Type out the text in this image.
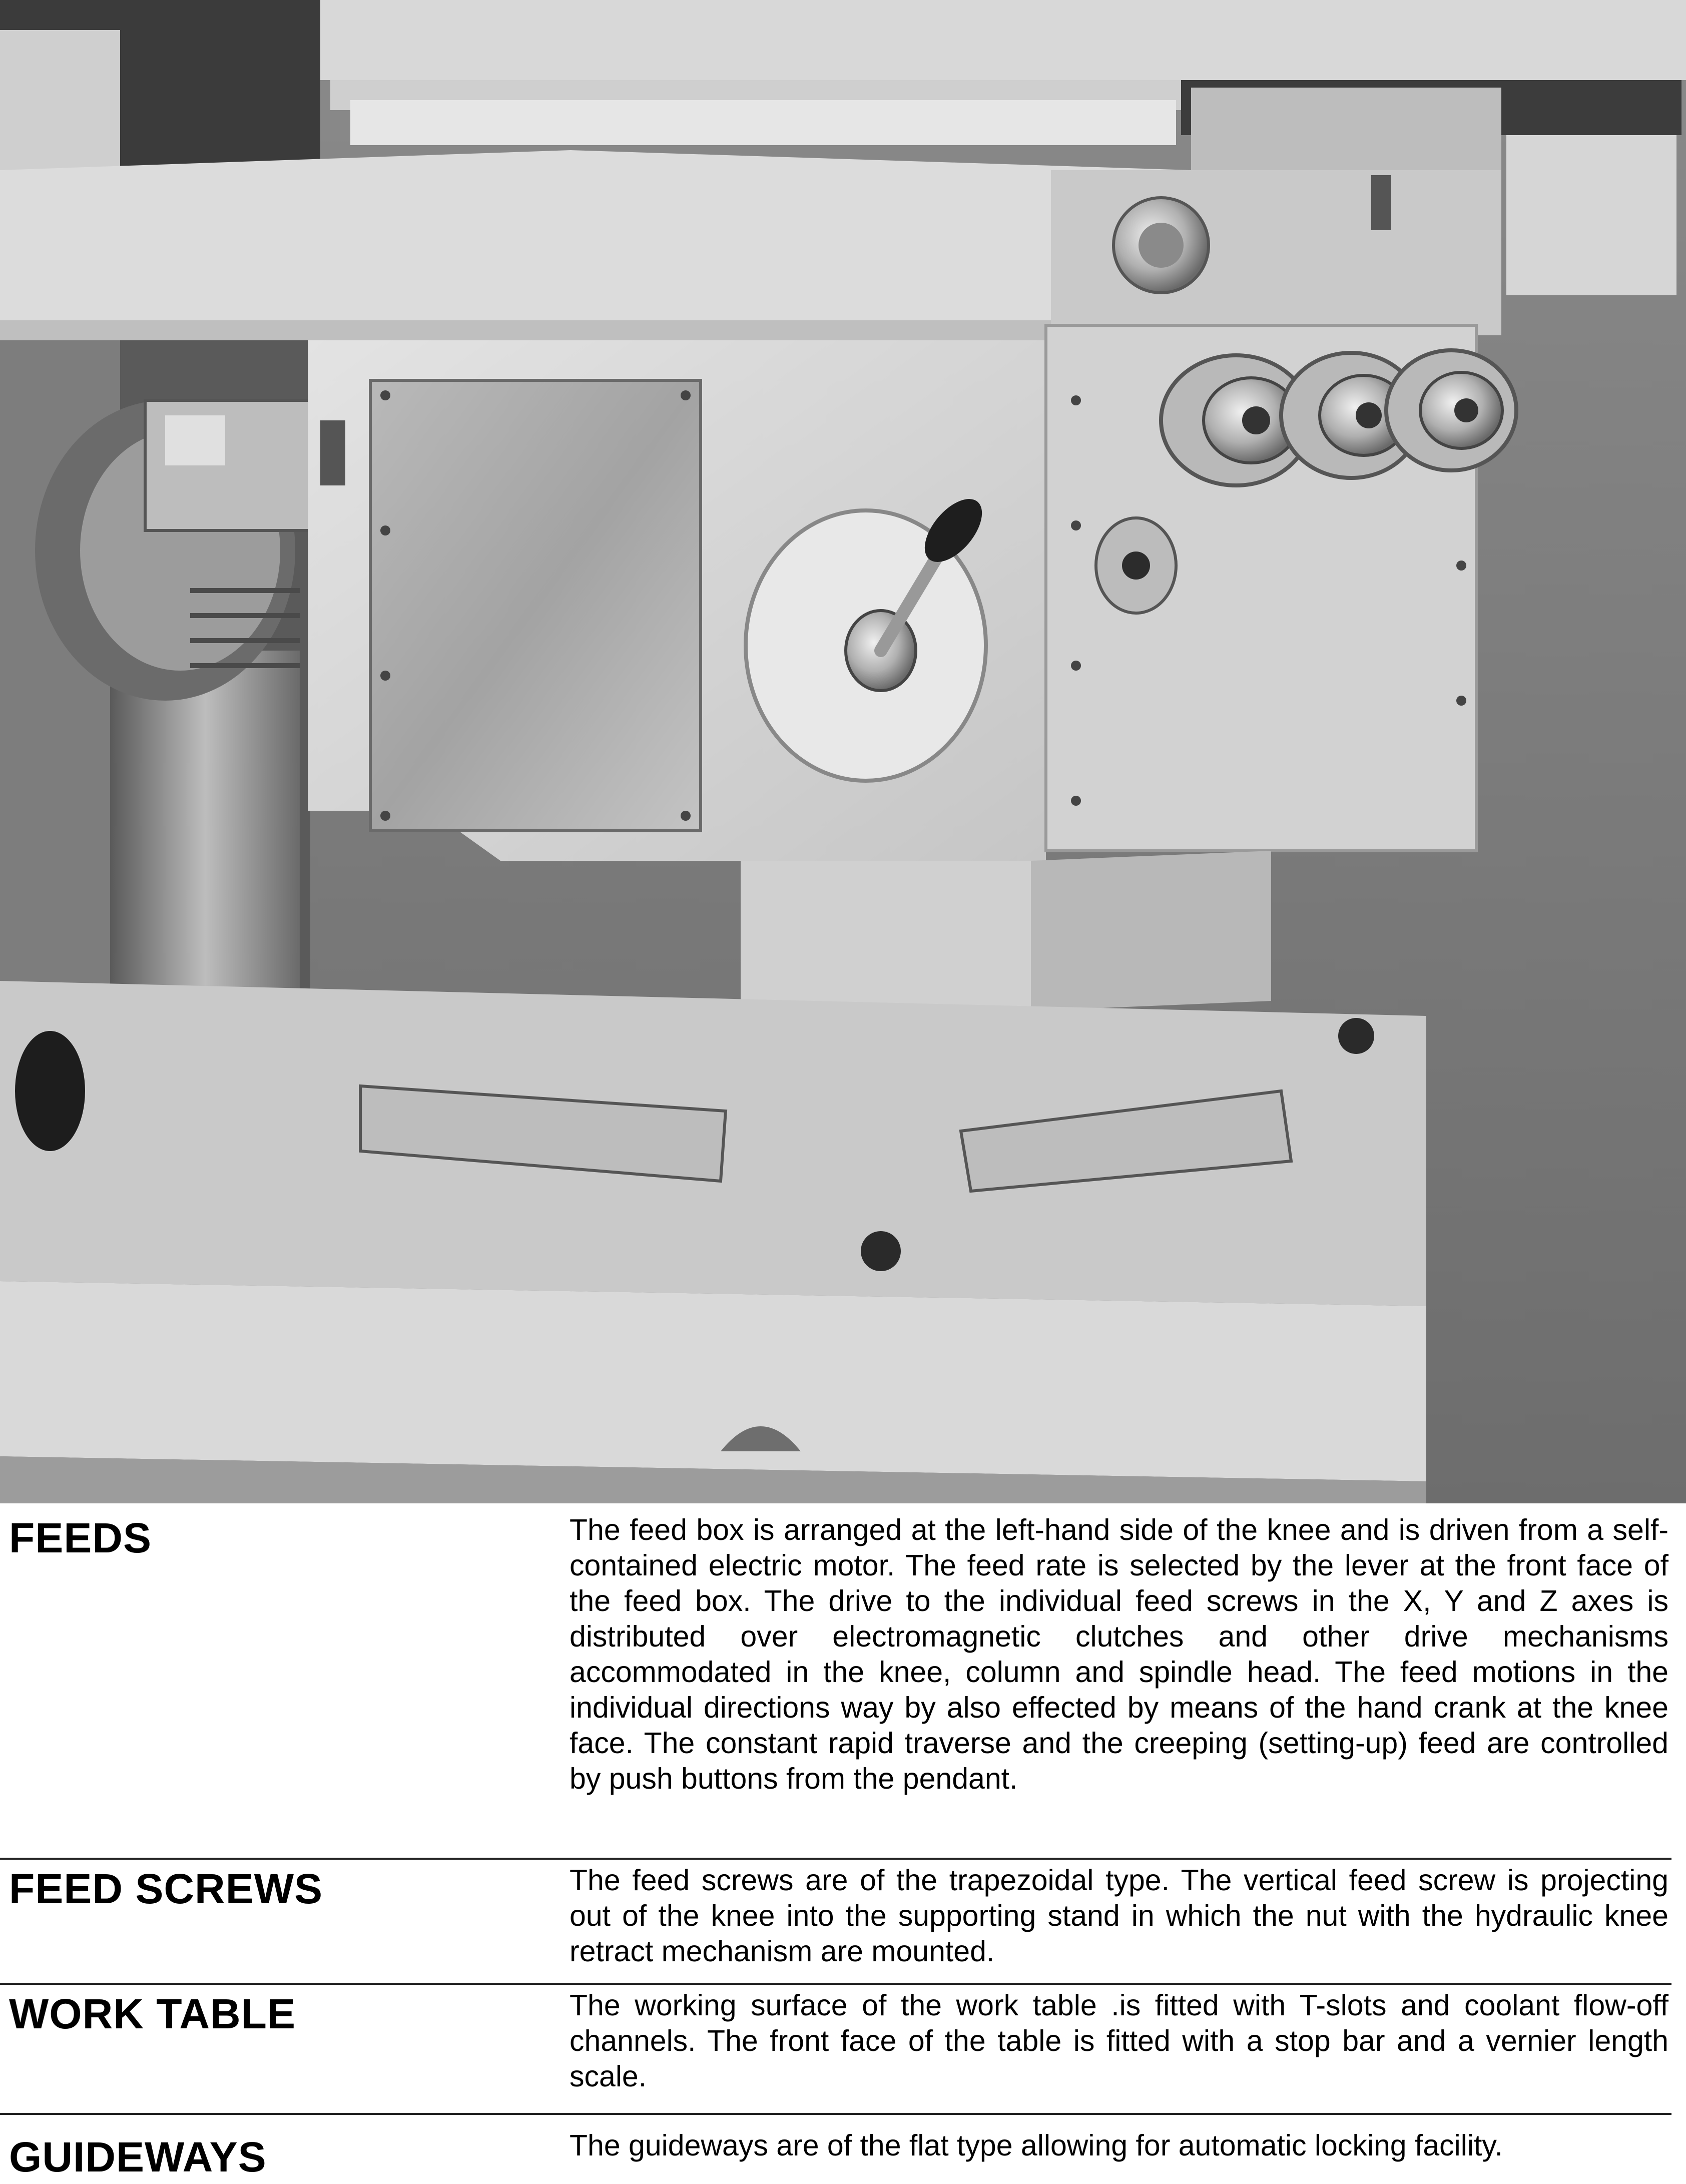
FEEDS	The feed box is arranged at the left-hand side of the knee and is driven from a self-contained electric motor. The feed rate is selected by the lever at the front face of the feed box. The drive to the individual feed screws in the X, Y and Z axes is distributed over electromagnetic clutches and other drive mechanisms accommodated in the knee, column and spindle head. The feed motions in the individual directions way by also effected by means of the hand crank at the knee face. The constant rapid traverse and the creeping (setting-up) feed are controlled by push buttons from the pendant.

FEED SCREWS	The feed screws are of the trapezoidal type. The vertical feed screw is projecting out of the knee into the supporting stand in which the nut with the hydraulic knee retract mechanism are mounted.

WORK TABLE	The working surface of the work table .is fitted with T-slots and coolant flow-off channels. The front face of the table is fitted with a stop bar and a vernier length scale.

GUIDEWAYS	The guideways are of the flat type allowing for automatic locking facility.
